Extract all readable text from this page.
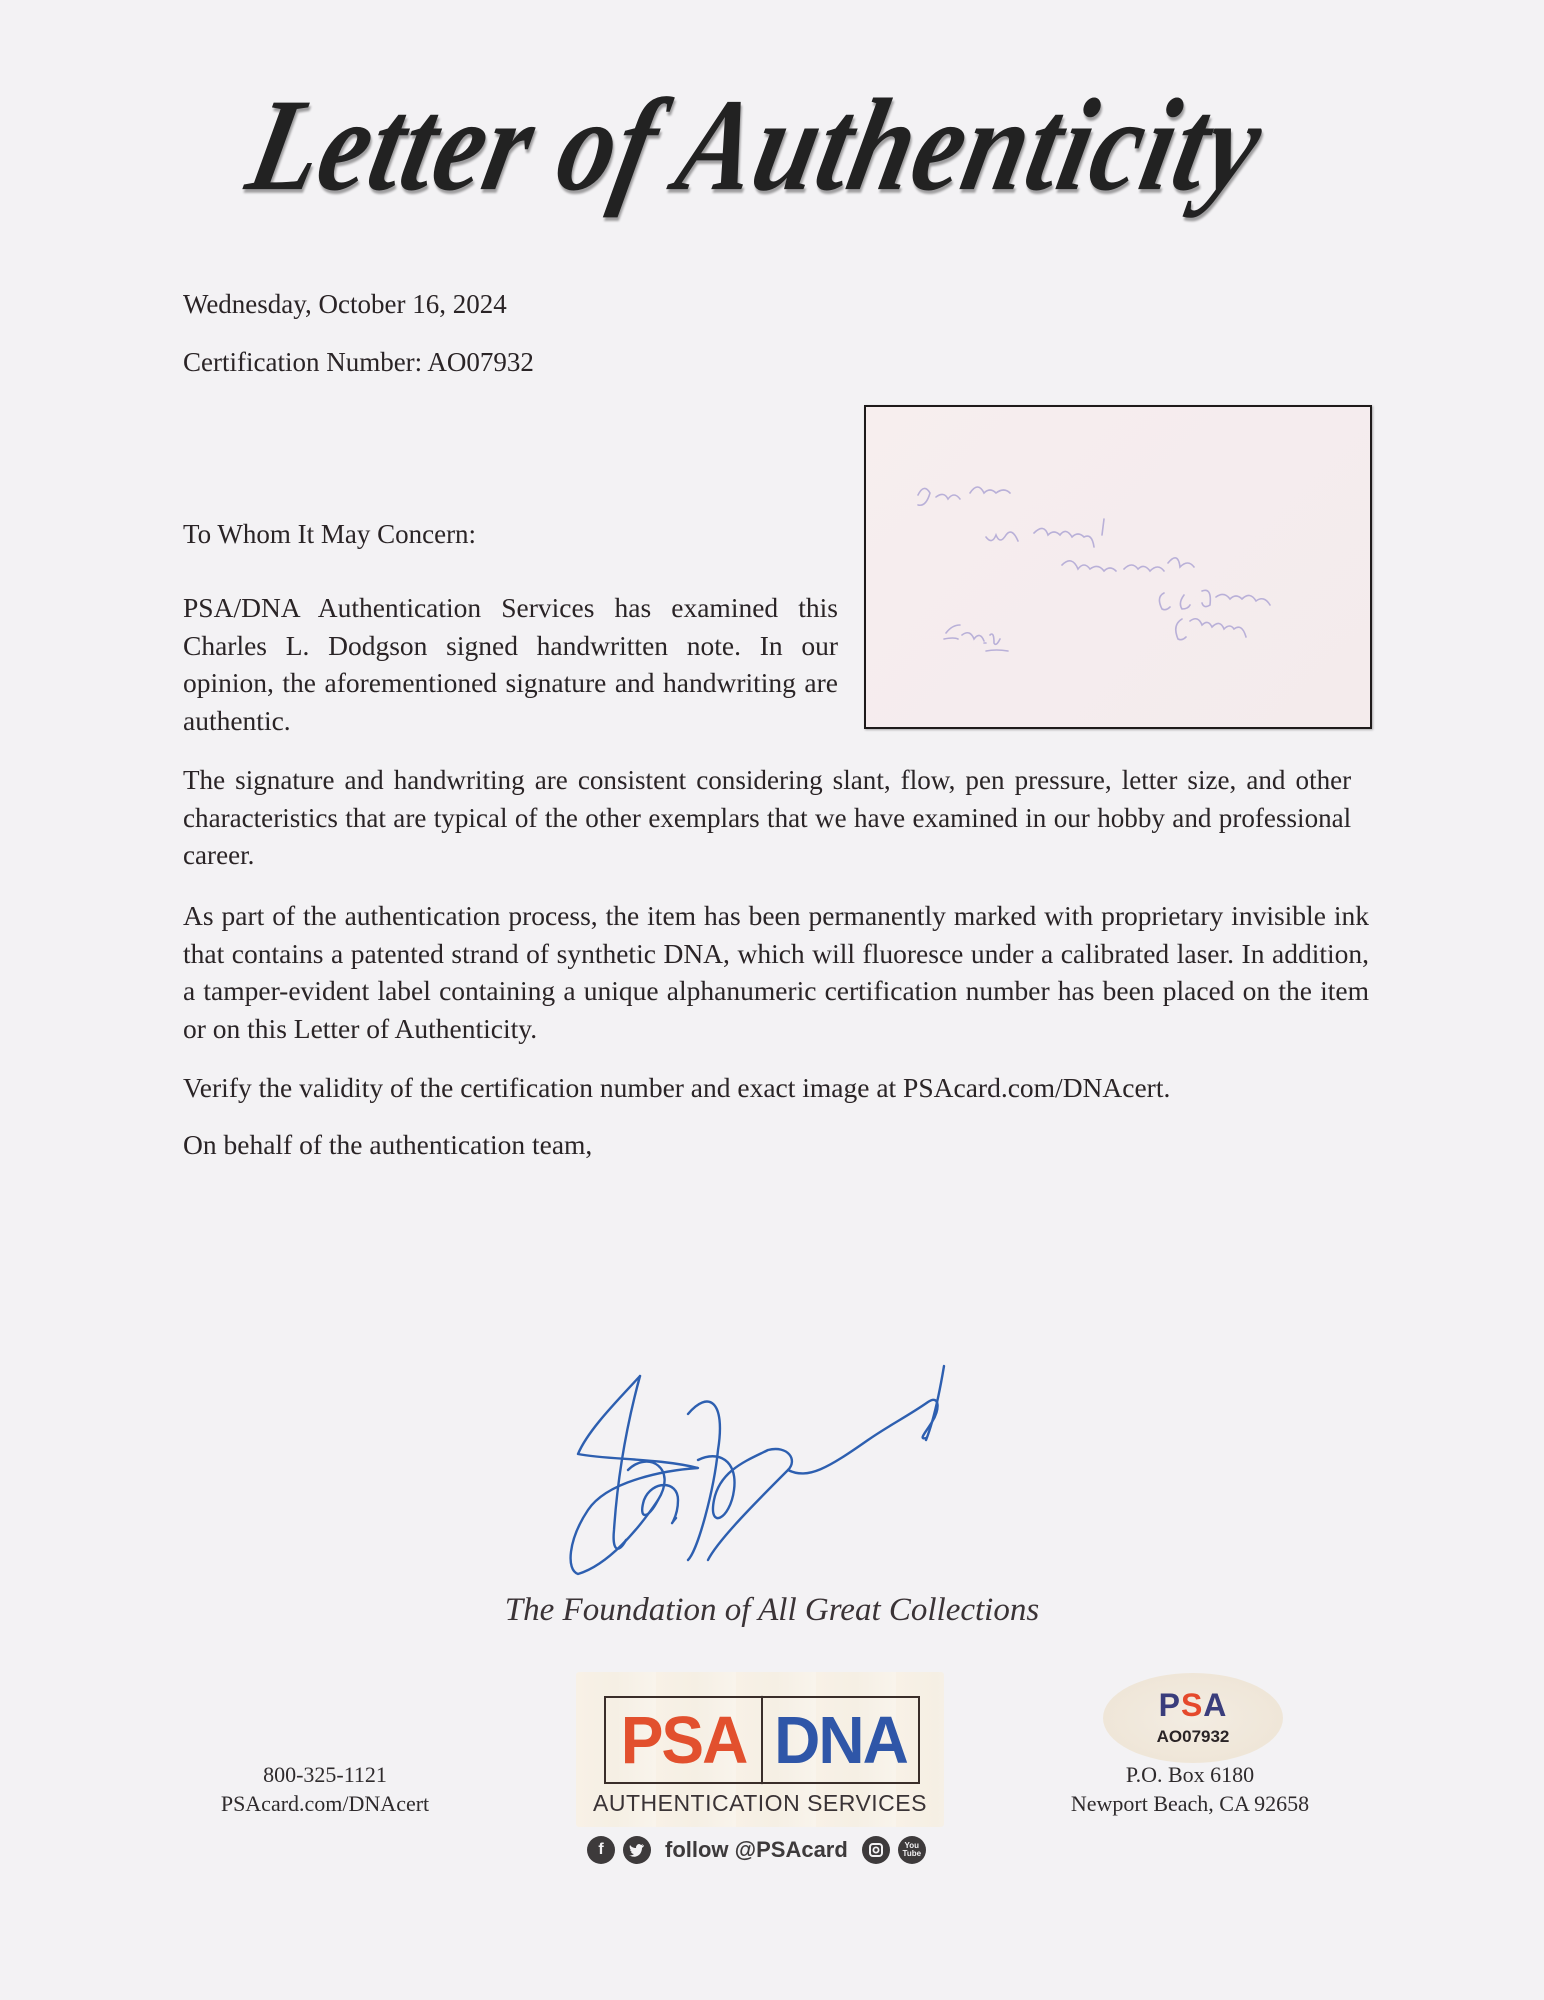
Letter of Authenticity
Wednesday, October 16, 2024
Certification Number: AO07932
To Whom It May Concern:
PSA/DNA Authentication Services has examined this Charles L. Dodgson signed handwritten note. In our opinion, the aforementioned signature and handwriting are authentic.
The signature and handwriting are consistent considering slant, flow, pen pressure, letter size, and other characteristics that are typical of the other exemplars that we have examined in our hobby and professional career.
As part of the authentication process, the item has been permanently marked with proprietary invisible ink that contains a patented strand of synthetic DNA, which will fluoresce under a calibrated laser. In addition, a tamper-evident label containing a unique alphanumeric certification number has been placed on the item or on this Letter of Authenticity.
Verify the validity of the certification number and exact image at PSAcard.com/DNAcert.
On behalf of the authentication team,
The Foundation of All Great Collections
800-325-1121
PSAcard.com/DNAcert
PSA DNA
AUTHENTICATION SERVICES
f	follow @PSAcard	You
Tube
PSA
AO07932
P.O. Box 6180
Newport Beach, CA 92658
